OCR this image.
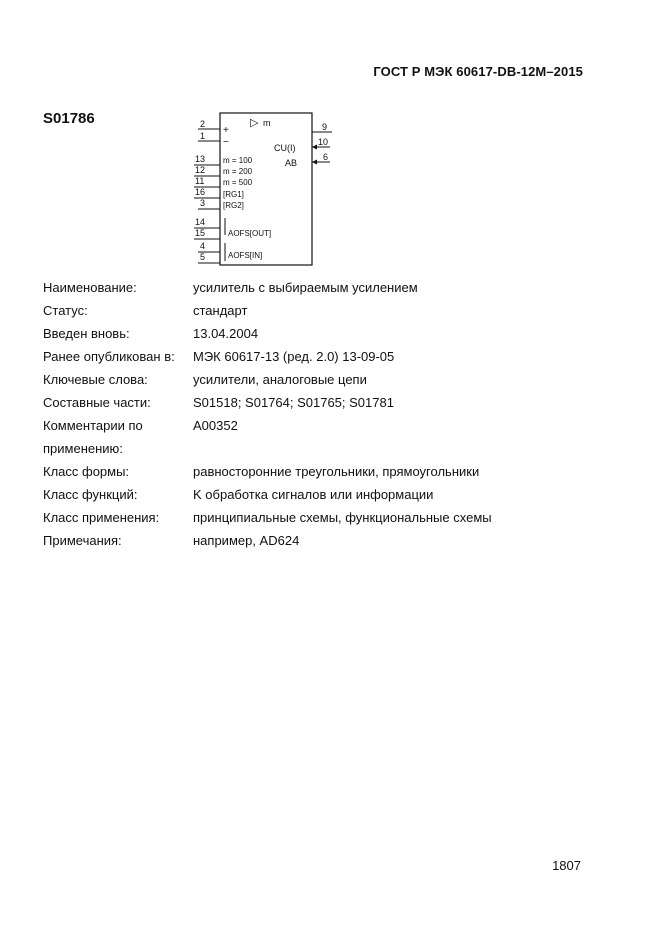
ГОСТ Р МЭК 60617-DB-12M–2015
S01786	▷ m
2
1
13
12
11
16
3
14
15
4
5
+
−
m = 100
m = 200
m = 500
[RG1]
[RG2]
AOFS[OUT]
AOFS[IN]
9
10
6
CU(I)
AB
Наименование:	усилитель с выбираемым усилением
Статус:	стандарт
Введен вновь:	13.04.2004
Ранее опубликован в:	МЭК 60617-13 (ред. 2.0) 13-09-05
Ключевые слова:	усилители, аналоговые цепи
Составные части:	S01518; S01764; S01765; S01781
Комментарии по	A00352
применению:
Класс формы:	равносторонние треугольники, прямоугольники
Класс функций:	K обработка сигналов или информации
Класс применения:	принципиальные схемы, функциональные схемы
Примечания:	например, AD624
1807
